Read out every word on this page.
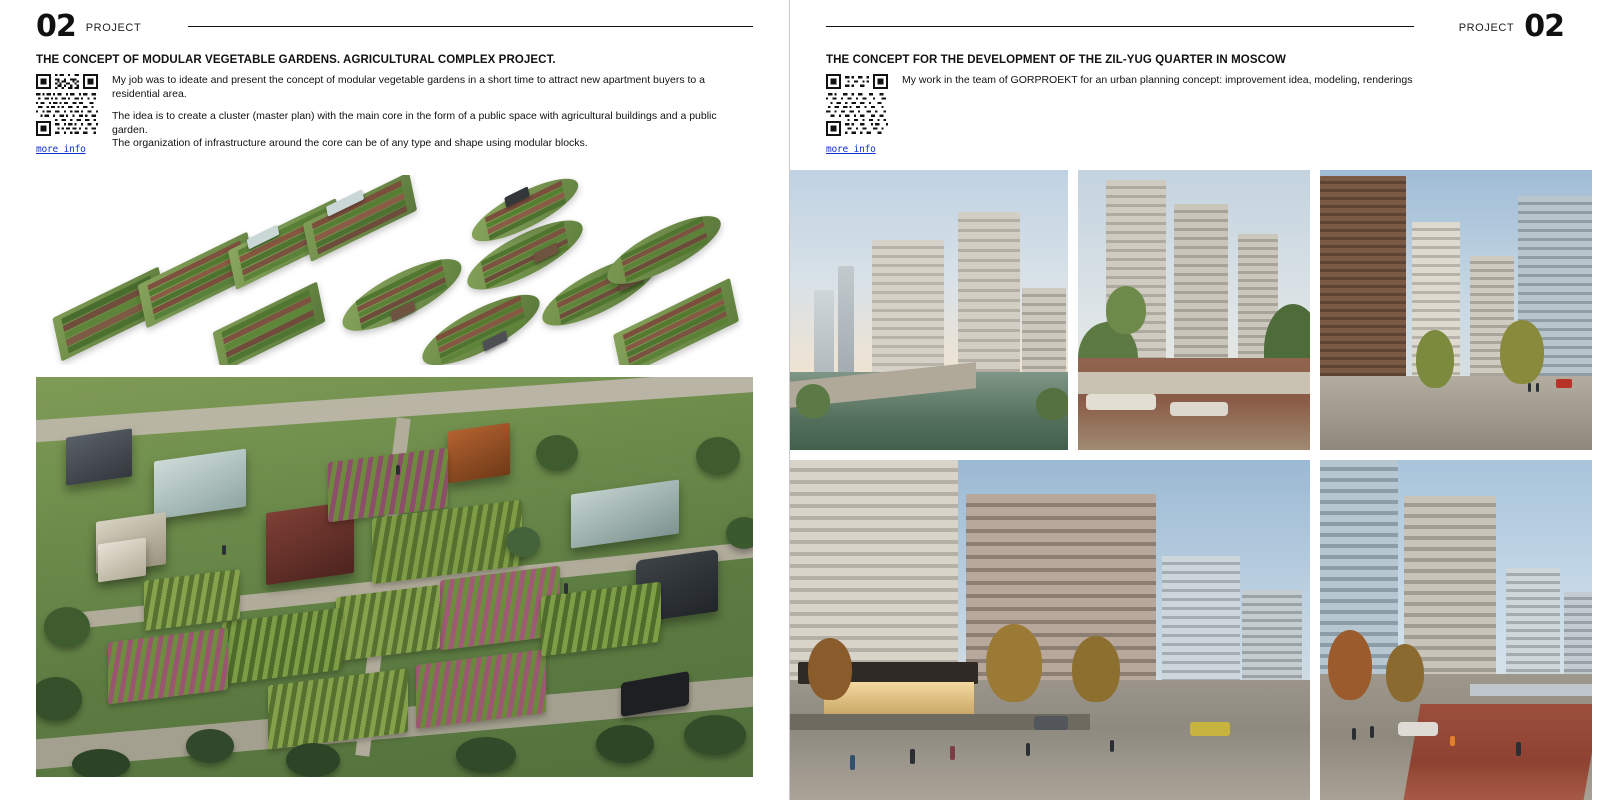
02 PROJECT
THE CONCEPT OF MODULAR VEGETABLE GARDENS. AGRICULTURAL COMPLEX PROJECT.
more info

My job was to ideate and present the concept of modular vegetable gardens in a short time to attract new apartment buyers to a residential area.

The idea is to create a cluster (master plan) with the main core in the form of a public space with agricultural buildings and a public garden.

The organization of infrastructure around the core can be of any type and shape using modular blocks.

PROJECT 02
THE CONCEPT FOR THE DEVELOPMENT OF THE ZIL-YUG QUARTER IN MOSCOW
more info

My work in the team of GORPROEKT for an urban planning concept: improvement idea, modeling, renderings
